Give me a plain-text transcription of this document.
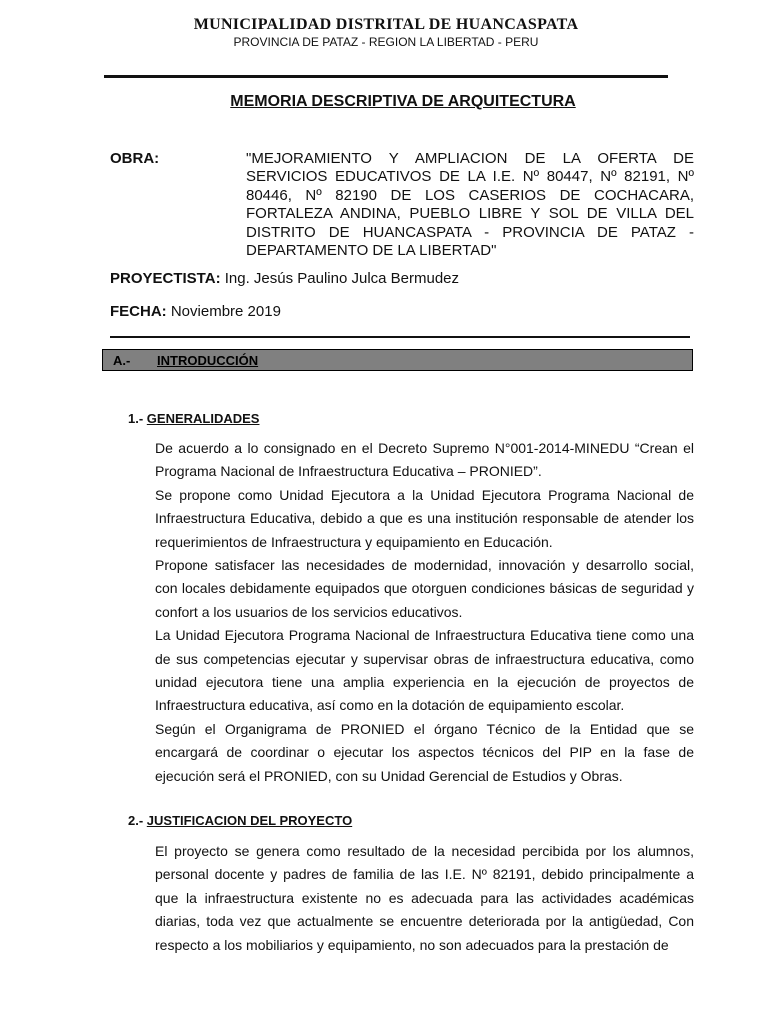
MUNICIPALIDAD DISTRITAL DE HUANCASPATA
PROVINCIA DE PATAZ - REGION LA LIBERTAD - PERU
MEMORIA DESCRIPTIVA DE ARQUITECTURA
OBRA:	"MEJORAMIENTO Y AMPLIACION DE LA OFERTA DE SERVICIOS EDUCATIVOS DE LA I.E. Nº 80447, Nº 82191, Nº 80446, Nº 82190 DE LOS CASERIOS DE COCHACARA, FORTALEZA ANDINA, PUEBLO LIBRE Y SOL DE VILLA DEL DISTRITO DE HUANCASPATA - PROVINCIA DE PATAZ - DEPARTAMENTO DE LA LIBERTAD"
PROYECTISTA: Ing. Jesús Paulino Julca Bermudez
FECHA: Noviembre 2019
A.- INTRODUCCIÓN
1.- GENERALIDADES

De acuerdo a lo consignado en el Decreto Supremo N°001-2014-MINEDU “Crean el Programa Nacional de Infraestructura Educativa – PRONIED”.

Se propone como Unidad Ejecutora a la Unidad Ejecutora Programa Nacional de Infraestructura Educativa, debido a que es una institución responsable de atender los requerimientos de Infraestructura y equipamiento en Educación.

Propone satisfacer las necesidades de modernidad, innovación y desarrollo social, con locales debidamente equipados que otorguen condiciones básicas de seguridad y confort a los usuarios de los servicios educativos.

La Unidad Ejecutora Programa Nacional de Infraestructura Educativa tiene como una de sus competencias ejecutar y supervisar obras de infraestructura educativa, como unidad ejecutora tiene una amplia experiencia en la ejecución de proyectos de Infraestructura educativa, así como en la dotación de equipamiento escolar.

Según el Organigrama de PRONIED el órgano Técnico de la Entidad que se encargará de coordinar o ejecutar los aspectos técnicos del PIP en la fase de ejecución será el PRONIED, con su Unidad Gerencial de Estudios y Obras.

2.- JUSTIFICACION DEL PROYECTO

El proyecto se genera como resultado de la necesidad percibida por los alumnos, personal docente y padres de familia de las I.E. Nº 82191, debido principalmente a que la infraestructura existente no es adecuada para las actividades académicas diarias, toda vez que actualmente se encuentre deteriorada por la antigüedad, Con respecto a los mobiliarios y equipamiento, no son adecuados para la prestación de
